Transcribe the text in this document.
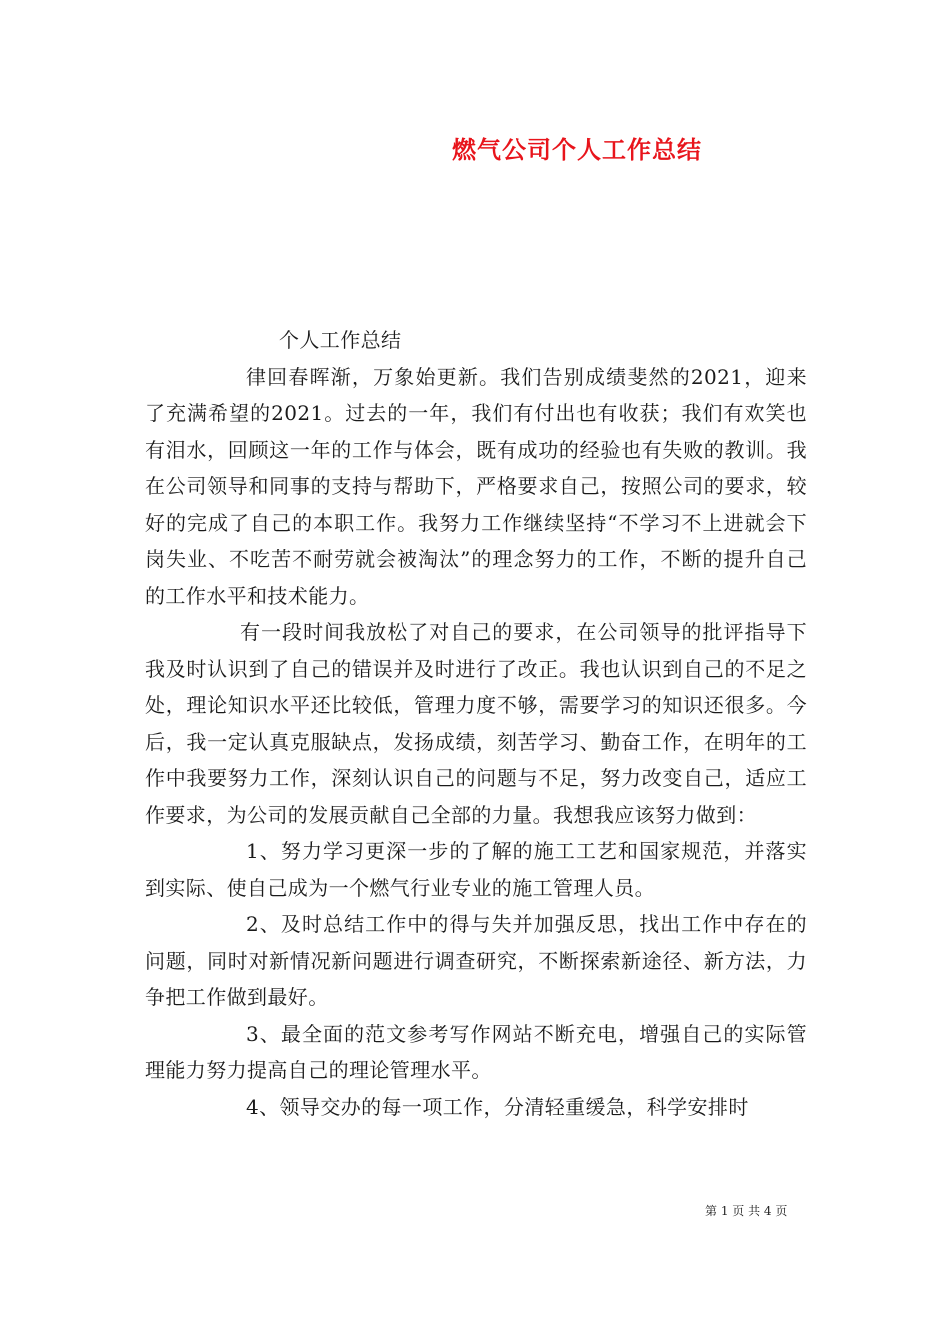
燃气公司个人工作总结

个人工作总结

律回春晖渐，万象始更新。我们告别成绩斐然的2021，迎来了充满希望的2021。过去的一年，我们有付出也有收获；我们有欢笑也有泪水，回顾这一年的工作与体会，既有成功的经验也有失败的教训。我在公司领导和同事的支持与帮助下，严格要求自己，按照公司的要求，较好的完成了自己的本职工作。我努力工作继续坚持“不学习不上进就会下岗失业、不吃苦不耐劳就会被淘汰”的理念努力的工作，不断的提升自己的工作水平和技术能力。

有一段时间我放松了对自己的要求，在公司领导的批评指导下我及时认识到了自己的错误并及时进行了改正。我也认识到自己的不足之处，理论知识水平还比较低，管理力度不够，需要学习的知识还很多。今后，我一定认真克服缺点，发扬成绩，刻苦学习、勤奋工作，在明年的工作中我要努力工作，深刻认识自己的问题与不足，努力改变自己，适应工作要求，为公司的发展贡献自己全部的力量。我想我应该努力做到：

1、努力学习更深一步的了解的施工工艺和国家规范，并落实到实际、使自己成为一个燃气行业专业的施工管理人员。

2、及时总结工作中的得与失并加强反思，找出工作中存在的问题，同时对新情况新问题进行调查研究，不断探索新途径、新方法，力争把工作做到最好。

3、最全面的范文参考写作网站不断充电，增强自己的实际管理能力努力提高自己的理论管理水平。

4、领导交办的每一项工作，分清轻重缓急，科学安排时

第 1 页 共 4 页
